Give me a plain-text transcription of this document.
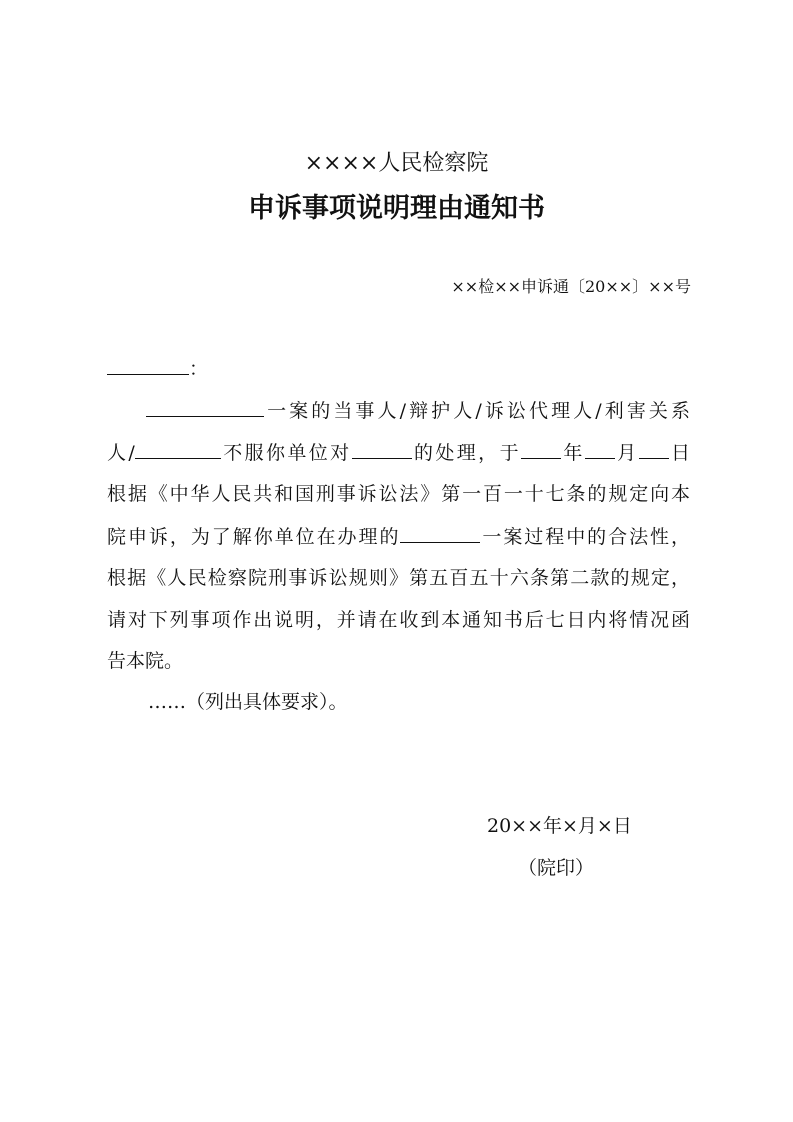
××××人民检察院
申诉事项说明理由通知书
××检××申诉通〔20××〕××号
：
一案的当事人/辩护人/诉讼代理人/利害关系
人/	不服你单位对	的处理，于 年 月 日
根据《中华人民共和国刑事诉讼法》第一百一十七条的规定向本
院申诉，为了解你单位在办理的	一案过程中的合法性，
根据《人民检察院刑事诉讼规则》第五百五十六条第二款的规定，
请对下列事项作出说明，并请在收到本通知书后七日内将情况函
告本院。
……（列出具体要求）。
20××年×月×日
（院印）
